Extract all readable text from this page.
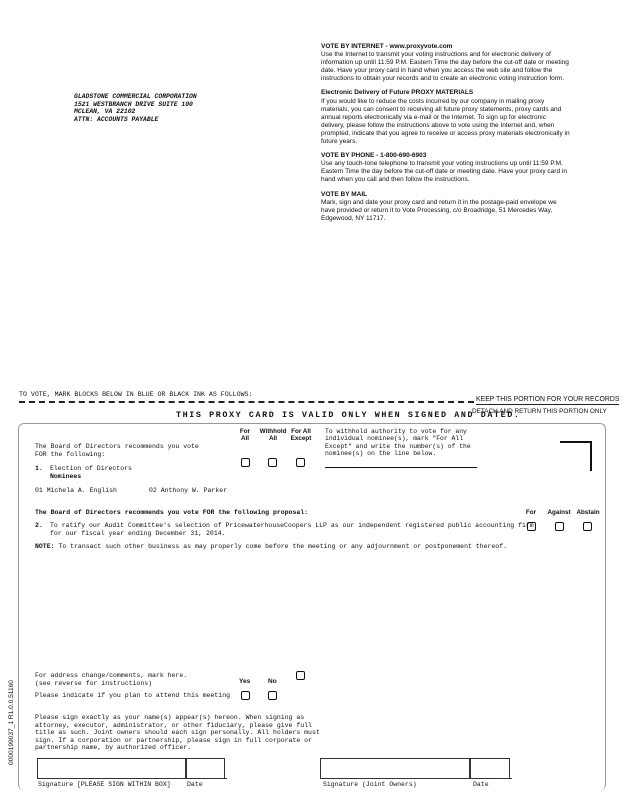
GLADSTONE COMMERCIAL CORPORATION
1521 WESTBRANCH DRIVE SUITE 100
MCLEAN, VA 22102
ATTN: ACCOUNTS PAYABLE
VOTE BY INTERNET - www.proxyvote.com
Use the Internet to transmit your voting instructions and for electronic delivery of information up until 11:59 P.M. Eastern Time the day before the cut-off date or meeting date. Have your proxy card in hand when you access the web site and follow the instructions to obtain your records and to create an electronic voting instruction form.
Electronic Delivery of Future PROXY MATERIALS
If you would like to reduce the costs incurred by our company in mailing proxy materials, you can consent to receiving all future proxy statements, proxy cards and annual reports electronically via e-mail or the Internet. To sign up for electronic delivery, please follow the instructions above to vote using the Internet and, when prompted, indicate that you agree to receive or access proxy materials electronically in future years.
VOTE BY PHONE - 1-800-690-6903
Use any touch-tone telephone to transmit your voting instructions up until 11:59 P.M. Eastern Time the day before the cut-off date or meeting date. Have your proxy card in hand when you call and then follow the instructions.
VOTE BY MAIL
Mark, sign and date your proxy card and return it in the postage-paid envelope we have provided or return it to Vote Processing, c/o Broadridge, 51 Mercedes Way, Edgewood, NY 11717.
TO VOTE, MARK BLOCKS BELOW IN BLUE OR BLACK INK AS FOLLOWS:
KEEP THIS PORTION FOR YOUR RECORDS
DETACH AND RETURN THIS PORTION ONLY
THIS PROXY CARD IS VALID ONLY WHEN SIGNED AND DATED.
The Board of Directors recommends you vote
FOR the following:
For
All
Withhold
All
For All
Except
To withhold authority to vote for any
individual nominee(s), mark "For All
Except" and write the number(s) of the
nominee(s) on the line below.
1. Election of Directors
Nominees
01 Michela A. English	02 Anthony W. Parker
The Board of Directors recommends you vote FOR the following proposal:	For	Against Abstain
2. To ratify our Audit Committee's selection of PricewaterhouseCoopers LLP as our independent registered public accounting firm
for our fiscal year ending December 31, 2014.
NOTE: To transact such other business as may properly come before the meeting or any adjournment or postponement thereof.
For address change/comments, mark here.
(see reverse for instructions)	Yes	No
Please indicate if you plan to attend this meeting
Please sign exactly as your name(s) appear(s) hereon. When signing as
attorney, executor, administrator, or other fiduciary, please give full
title as such. Joint owners should each sign personally. All holders must
sign. If a corporation or partnership, please sign in full corporate or
partnership name, by authorized officer.
Signature [PLEASE SIGN WITHIN BOX]	Date	Signature (Joint Owners)	Date
0000199037_1 R1.0.0.51160
